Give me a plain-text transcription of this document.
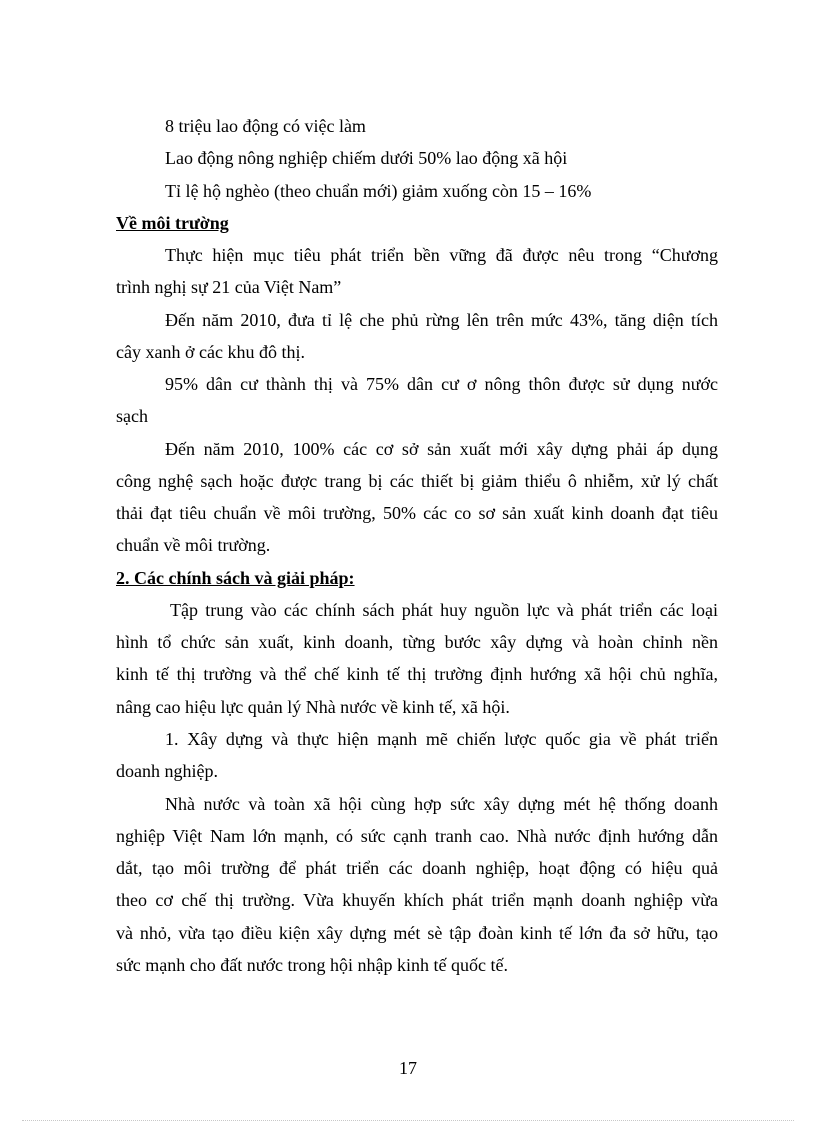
8 triệu lao động có việc làm
Lao động nông nghiệp chiếm dưới 50% lao động xã hội
Tỉ lệ hộ nghèo (theo chuẩn mới) giảm xuống còn 15 – 16%
Về môi trường
Thực hiện mục tiêu phát triển bền vững đã được nêu trong “Chương
trình nghị sự 21 của Việt Nam”
Đến năm 2010, đưa tỉ lệ che phủ rừng lên trên mức 43%, tăng diện tích
cây xanh ở các khu đô thị.
95% dân cư thành thị và 75% dân cư ơ nông thôn được sử dụng nước
sạch
Đến năm 2010, 100% các cơ sở sản xuất mới xây dựng phải áp dụng
công nghệ sạch hoặc được trang bị các thiết bị giảm thiểu ô nhiễm, xử lý chất
thải đạt tiêu chuẩn về môi trường, 50% các co sơ sản xuất kinh doanh đạt tiêu
chuẩn về môi trường.
2. Các chính sách và giải pháp:
Tập trung vào các chính sách phát huy nguồn lực và phát triển các loại
hình tổ chức sản xuất, kinh doanh, từng bước xây dựng và hoàn chỉnh nền
kinh tế thị trường và thể chế kinh tế thị trường định hướng xã hội chủ nghĩa,
nâng cao hiệu lực quản lý Nhà nước về kinh tế, xã hội.
1. Xây dựng và thực hiện mạnh mẽ chiến lược quốc gia về phát triển
doanh nghiệp.
Nhà nước và toàn xã hội cùng hợp sức xây dựng mét hệ thống doanh
nghiệp Việt Nam lớn mạnh, có sức cạnh tranh cao. Nhà nước định hướng dẫn
dắt, tạo môi trường để phát triển các doanh nghiệp, hoạt động có hiệu quả
theo cơ chế thị trường. Vừa khuyến khích phát triển mạnh doanh nghiệp vừa
và nhỏ, vừa tạo điều kiện xây dựng mét sè tập đoàn kinh tế lớn đa sở hữu, tạo
sức mạnh cho đất nước trong hội nhập kinh tế quốc tế.
17
